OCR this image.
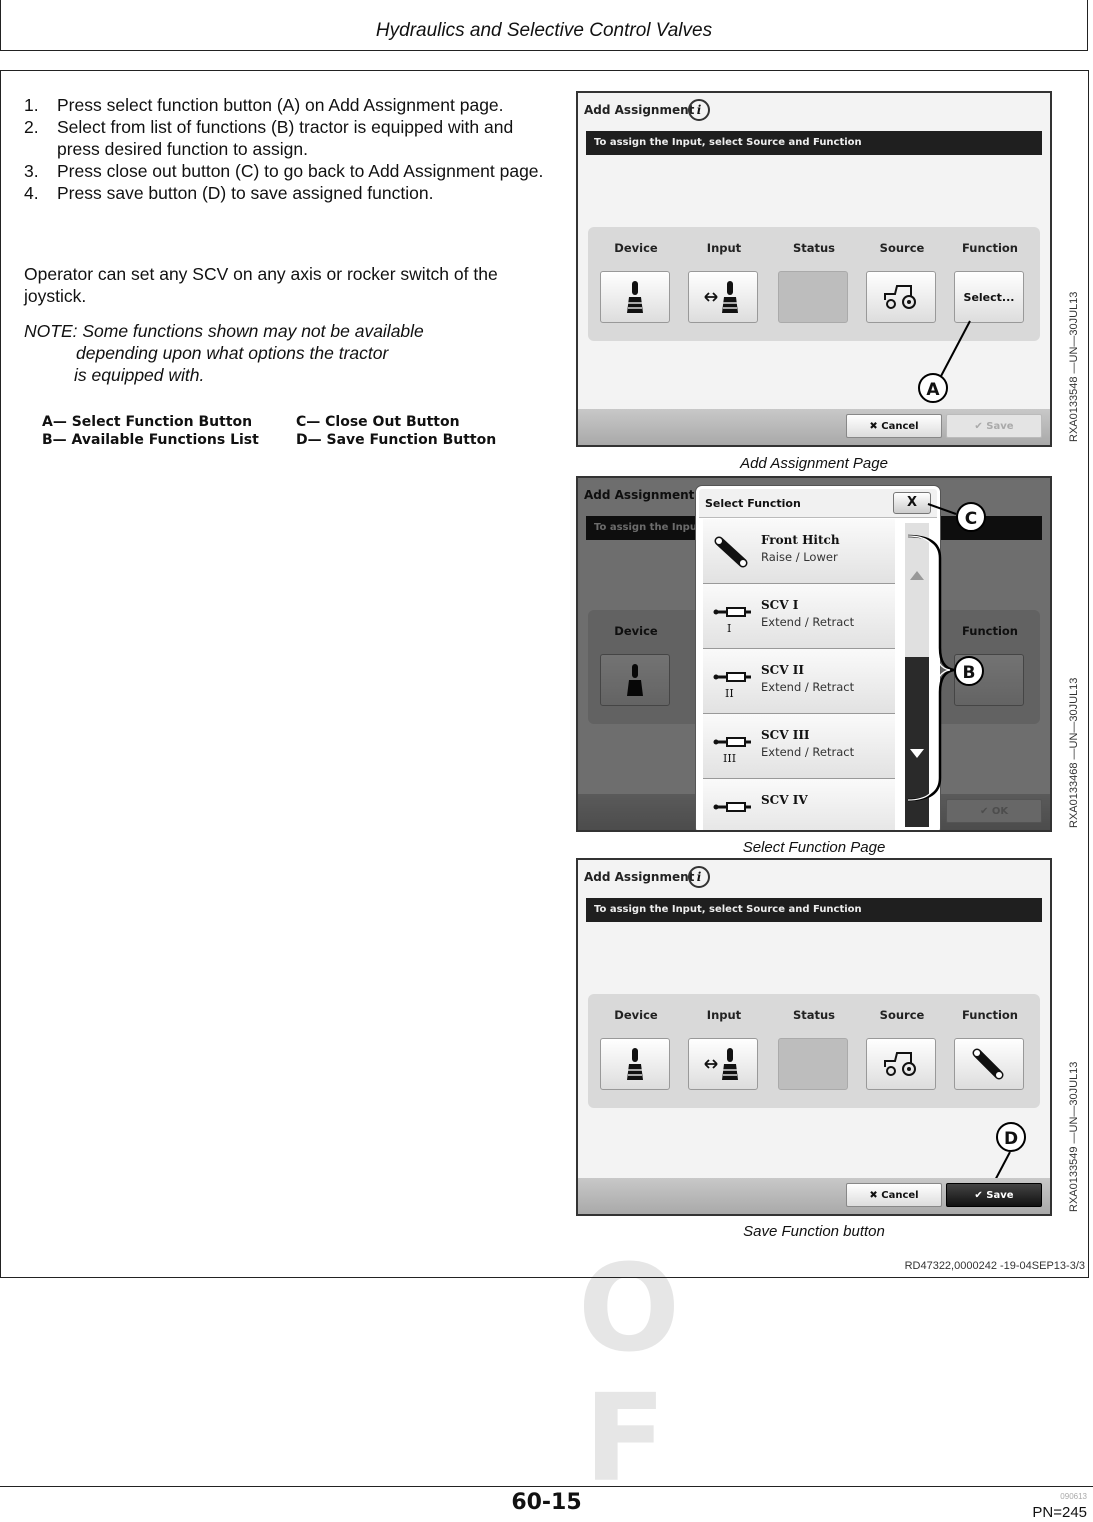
O
F
Hydraulics and Selective Control Valves
1. Press select function button (A) on Add Assignment page.
2. Select from list of functions (B) tractor is equipped with and press desired function to assign.
3. Press close out button (C) to go back to Add Assignment page.
4. Press save button (D) to save assigned function.
Operator can set any SCV on any axis or rocker switch of the joystick.
NOTE: Some functions shown may not be available
depending upon what options the tractor
is equipped with.
A— Select Function Button
B— Available Functions List
C— Close Out Button
D— Save Function Button
Add Assignment i
To assign the Input, select Source and Function
Device	Input	Status	Source	Function
Select...
A
✖ Cancel	✔ Save
Add Assignment Page
RXA0133548 —UN—30JUL13
Select Function	X
Front Hitch
Raise / Lower
I
SCV I
Extend / Retract
II
SCV II
Extend / Retract
III
SCV III
Extend / Retract
SCV IV
C
B
Select Function Page
RXA0133468 —UN—30JUL13
Add Assignment i
To assign the Input, select Source and Function
Device	Input	Status	Source	Function
D
✖ Cancel	✔ Save
Save Function button
RXA0133549 —UN—30JUL13
RD47322,0000242 -19-04SEP13-3/3
60-15	090613
PN=245
